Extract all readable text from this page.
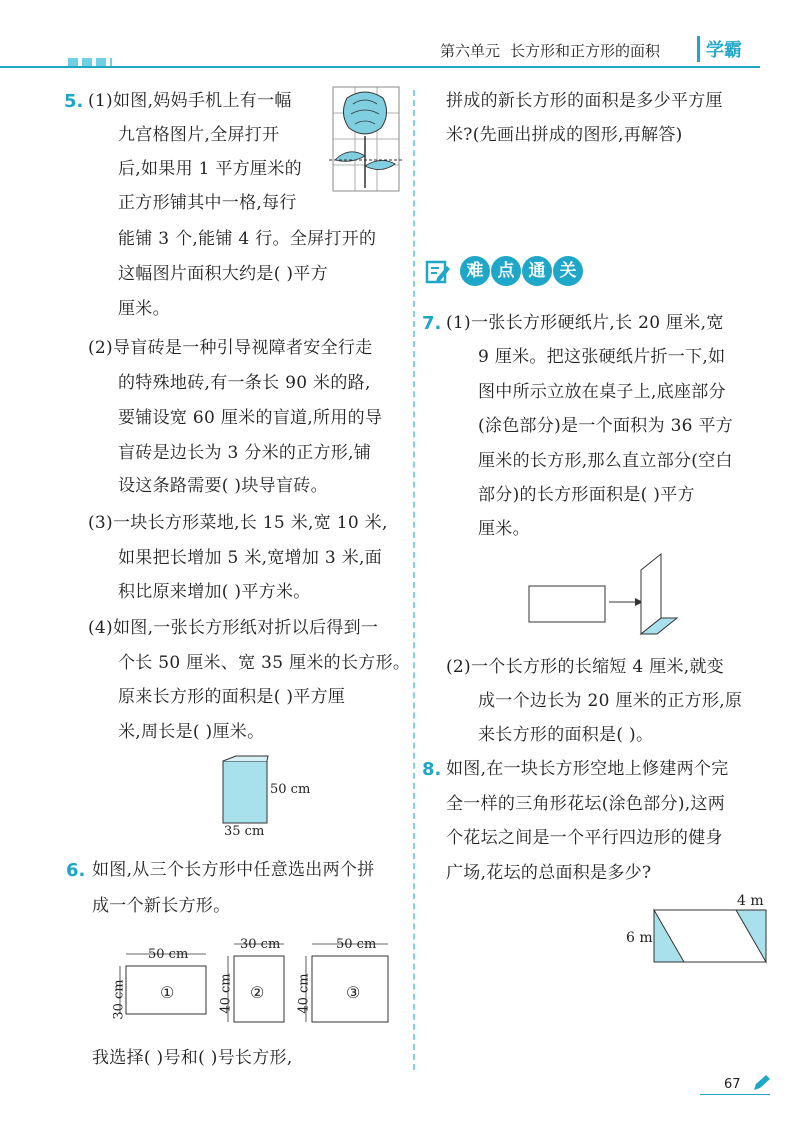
第六单元 长方形和正方形的面积	学霸
5. (1)如图,妈妈手机上有一幅
九宫格图片,全屏打开
后,如果用 1 平方厘米的
正方形铺其中一格,每行
能铺 3 个,能铺 4 行。全屏打开的
这幅图片面积大约是( )平方
厘米。
(2)导盲砖是一种引导视障者安全行走
的特殊地砖,有一条长 90 米的路,
要铺设宽 60 厘米的盲道,所用的导
盲砖是边长为 3 分米的正方形,铺
设这条路需要( )块导盲砖。
(3)一块长方形菜地,长 15 米,宽 10 米,
如果把长增加 5 米,宽增加 3 米,面
积比原来增加( )平方米。
(4)如图,一张长方形纸对折以后得到一
个长 50 厘米、宽 35 厘米的长方形。
原来长方形的面积是( )平方厘
米,周长是( )厘米。
50 cm
35 cm
6. 如图,从三个长方形中任意选出两个拼
成一个新长方形。
50 cm
30 cm ①
30 cm
40 cm ②
50 cm
40 cm ③
我选择( )号和( )号长方形,
拼成的新长方形的面积是多少平方厘
米?(先画出拼成的图形,再解答)
难 点 通 关
7. (1)一张长方形硬纸片,长 20 厘米,宽
9 厘米。把这张硬纸片折一下,如
图中所示立放在桌子上,底座部分
(涂色部分)是一个面积为 36 平方
厘米的长方形,那么直立部分(空白
部分)的长方形面积是( )平方
厘米。
(2)一个长方形的长缩短 4 厘米,就变
成一个边长为 20 厘米的正方形,原
来长方形的面积是( )。
8. 如图,在一块长方形空地上修建两个完
全一样的三角形花坛(涂色部分),这两
个花坛之间是一个平行四边形的健身
广场,花坛的总面积是多少?
4 m
6 m
67
